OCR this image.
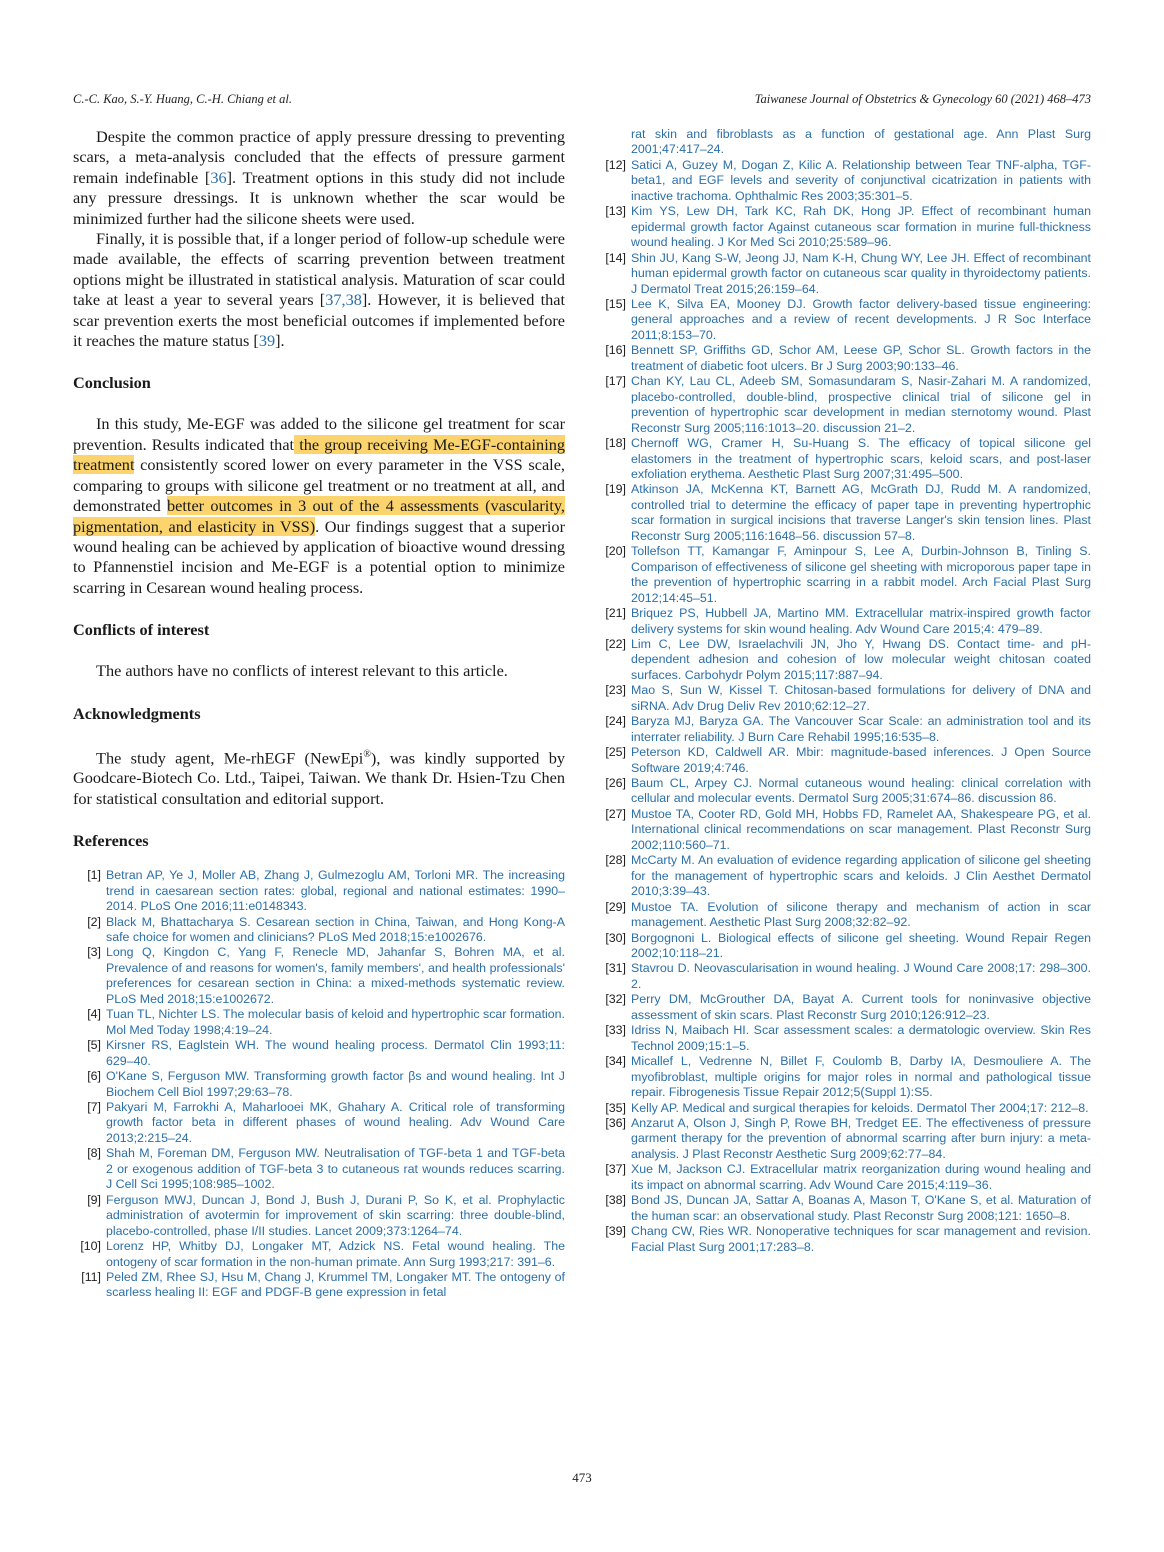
C.-C. Kao, S.-Y. Huang, C.-H. Chiang et al.	Taiwanese Journal of Obstetrics & Gynecology 60 (2021) 468–473

Despite the common practice of apply pressure dressing to preventing scars, a meta-analysis concluded that the effects of pressure garment remain indefinable [36]. Treatment options in this study did not include any pressure dressings. It is unknown whether the scar would be minimized further had the silicone sheets were used.

Finally, it is possible that, if a longer period of follow-up schedule were made available, the effects of scarring prevention between treatment options might be illustrated in statistical analysis. Maturation of scar could take at least a year to several years [37,38]. However, it is believed that scar prevention exerts the most beneficial outcomes if implemented before it reaches the mature status [39].

Conclusion

In this study, Me-EGF was added to the silicone gel treatment for scar prevention. Results indicated that the group receiving Me-EGF-containing treatment consistently scored lower on every parameter in the VSS scale, comparing to groups with silicone gel treatment or no treatment at all, and demonstrated better outcomes in 3 out of the 4 assessments (vascularity, pigmentation, and elasticity in VSS). Our findings suggest that a superior wound healing can be achieved by application of bioactive wound dressing to Pfannenstiel incision and Me-EGF is a potential option to minimize scarring in Cesarean wound healing process.

Conflicts of interest

The authors have no conflicts of interest relevant to this article.

Acknowledgments

The study agent, Me-rhEGF (NewEpi®), was kindly supported by Goodcare-Biotech Co. Ltd., Taipei, Taiwan. We thank Dr. Hsien-Tzu Chen for statistical consultation and editorial support.

References
[1] Betran AP, Ye J, Moller AB, Zhang J, Gulmezoglu AM, Torloni MR. The increasing trend in caesarean section rates: global, regional and national estimates: 1990–2014. PLoS One 2016;11:e0148343.
[2] Black M, Bhattacharya S. Cesarean section in China, Taiwan, and Hong Kong-A safe choice for women and clinicians? PLoS Med 2018;15:e1002676.
[3] Long Q, Kingdon C, Yang F, Renecle MD, Jahanfar S, Bohren MA, et al. Prevalence of and reasons for women's, family members', and health professionals' preferences for cesarean section in China: a mixed-methods systematic review. PLoS Med 2018;15:e1002672.
[4] Tuan TL, Nichter LS. The molecular basis of keloid and hypertrophic scar formation. Mol Med Today 1998;4:19–24.
[5] Kirsner RS, Eaglstein WH. The wound healing process. Dermatol Clin 1993;11: 629–40.
[6] O'Kane S, Ferguson MW. Transforming growth factor βs and wound healing. Int J Biochem Cell Biol 1997;29:63–78.
[7] Pakyari M, Farrokhi A, Maharlooei MK, Ghahary A. Critical role of transforming growth factor beta in different phases of wound healing. Adv Wound Care 2013;2:215–24.
[8] Shah M, Foreman DM, Ferguson MW. Neutralisation of TGF-beta 1 and TGF-beta 2 or exogenous addition of TGF-beta 3 to cutaneous rat wounds reduces scarring. J Cell Sci 1995;108:985–1002.
[9] Ferguson MWJ, Duncan J, Bond J, Bush J, Durani P, So K, et al. Prophylactic administration of avotermin for improvement of skin scarring: three double-blind, placebo-controlled, phase I/II studies. Lancet 2009;373:1264–74.
[10] Lorenz HP, Whitby DJ, Longaker MT, Adzick NS. Fetal wound healing. The ontogeny of scar formation in the non-human primate. Ann Surg 1993;217: 391–6.
[11] Peled ZM, Rhee SJ, Hsu M, Chang J, Krummel TM, Longaker MT. The ontogeny of scarless healing II: EGF and PDGF-B gene expression in fetal
rat skin and fibroblasts as a function of gestational age. Ann Plast Surg 2001;47:417–24.
[12] Satici A, Guzey M, Dogan Z, Kilic A. Relationship between Tear TNF-alpha, TGF-beta1, and EGF levels and severity of conjunctival cicatrization in patients with inactive trachoma. Ophthalmic Res 2003;35:301–5.
[13] Kim YS, Lew DH, Tark KC, Rah DK, Hong JP. Effect of recombinant human epidermal growth factor Against cutaneous scar formation in murine full-thickness wound healing. J Kor Med Sci 2010;25:589–96.
[14] Shin JU, Kang S-W, Jeong JJ, Nam K-H, Chung WY, Lee JH. Effect of recombinant human epidermal growth factor on cutaneous scar quality in thyroidectomy patients. J Dermatol Treat 2015;26:159–64.
[15] Lee K, Silva EA, Mooney DJ. Growth factor delivery-based tissue engineering: general approaches and a review of recent developments. J R Soc Interface 2011;8:153–70.
[16] Bennett SP, Griffiths GD, Schor AM, Leese GP, Schor SL. Growth factors in the treatment of diabetic foot ulcers. Br J Surg 2003;90:133–46.
[17] Chan KY, Lau CL, Adeeb SM, Somasundaram S, Nasir-Zahari M. A randomized, placebo-controlled, double-blind, prospective clinical trial of silicone gel in prevention of hypertrophic scar development in median sternotomy wound. Plast Reconstr Surg 2005;116:1013–20. discussion 21–2.
[18] Chernoff WG, Cramer H, Su-Huang S. The efficacy of topical silicone gel elastomers in the treatment of hypertrophic scars, keloid scars, and post-laser exfoliation erythema. Aesthetic Plast Surg 2007;31:495–500.
[19] Atkinson JA, McKenna KT, Barnett AG, McGrath DJ, Rudd M. A randomized, controlled trial to determine the efficacy of paper tape in preventing hypertrophic scar formation in surgical incisions that traverse Langer's skin tension lines. Plast Reconstr Surg 2005;116:1648–56. discussion 57–8.
[20] Tollefson TT, Kamangar F, Aminpour S, Lee A, Durbin-Johnson B, Tinling S. Comparison of effectiveness of silicone gel sheeting with microporous paper tape in the prevention of hypertrophic scarring in a rabbit model. Arch Facial Plast Surg 2012;14:45–51.
[21] Briquez PS, Hubbell JA, Martino MM. Extracellular matrix-inspired growth factor delivery systems for skin wound healing. Adv Wound Care 2015;4: 479–89.
[22] Lim C, Lee DW, Israelachvili JN, Jho Y, Hwang DS. Contact time- and pH-dependent adhesion and cohesion of low molecular weight chitosan coated surfaces. Carbohydr Polym 2015;117:887–94.
[23] Mao S, Sun W, Kissel T. Chitosan-based formulations for delivery of DNA and siRNA. Adv Drug Deliv Rev 2010;62:12–27.
[24] Baryza MJ, Baryza GA. The Vancouver Scar Scale: an administration tool and its interrater reliability. J Burn Care Rehabil 1995;16:535–8.
[25] Peterson KD, Caldwell AR. Mbir: magnitude-based inferences. J Open Source Software 2019;4:746.
[26] Baum CL, Arpey CJ. Normal cutaneous wound healing: clinical correlation with cellular and molecular events. Dermatol Surg 2005;31:674–86. discussion 86.
[27] Mustoe TA, Cooter RD, Gold MH, Hobbs FD, Ramelet AA, Shakespeare PG, et al. International clinical recommendations on scar management. Plast Reconstr Surg 2002;110:560–71.
[28] McCarty M. An evaluation of evidence regarding application of silicone gel sheeting for the management of hypertrophic scars and keloids. J Clin Aesthet Dermatol 2010;3:39–43.
[29] Mustoe TA. Evolution of silicone therapy and mechanism of action in scar management. Aesthetic Plast Surg 2008;32:82–92.
[30] Borgognoni L. Biological effects of silicone gel sheeting. Wound Repair Regen 2002;10:118–21.
[31] Stavrou D. Neovascularisation in wound healing. J Wound Care 2008;17: 298–300. 2.
[32] Perry DM, McGrouther DA, Bayat A. Current tools for noninvasive objective assessment of skin scars. Plast Reconstr Surg 2010;126:912–23.
[33] Idriss N, Maibach HI. Scar assessment scales: a dermatologic overview. Skin Res Technol 2009;15:1–5.
[34] Micallef L, Vedrenne N, Billet F, Coulomb B, Darby IA, Desmouliere A. The myofibroblast, multiple origins for major roles in normal and pathological tissue repair. Fibrogenesis Tissue Repair 2012;5(Suppl 1):S5.
[35] Kelly AP. Medical and surgical therapies for keloids. Dermatol Ther 2004;17: 212–8.
[36] Anzarut A, Olson J, Singh P, Rowe BH, Tredget EE. The effectiveness of pressure garment therapy for the prevention of abnormal scarring after burn injury: a meta-analysis. J Plast Reconstr Aesthetic Surg 2009;62:77–84.
[37] Xue M, Jackson CJ. Extracellular matrix reorganization during wound healing and its impact on abnormal scarring. Adv Wound Care 2015;4:119–36.
[38] Bond JS, Duncan JA, Sattar A, Boanas A, Mason T, O'Kane S, et al. Maturation of the human scar: an observational study. Plast Reconstr Surg 2008;121: 1650–8.
[39] Chang CW, Ries WR. Nonoperative techniques for scar management and revision. Facial Plast Surg 2001;17:283–8.
473
